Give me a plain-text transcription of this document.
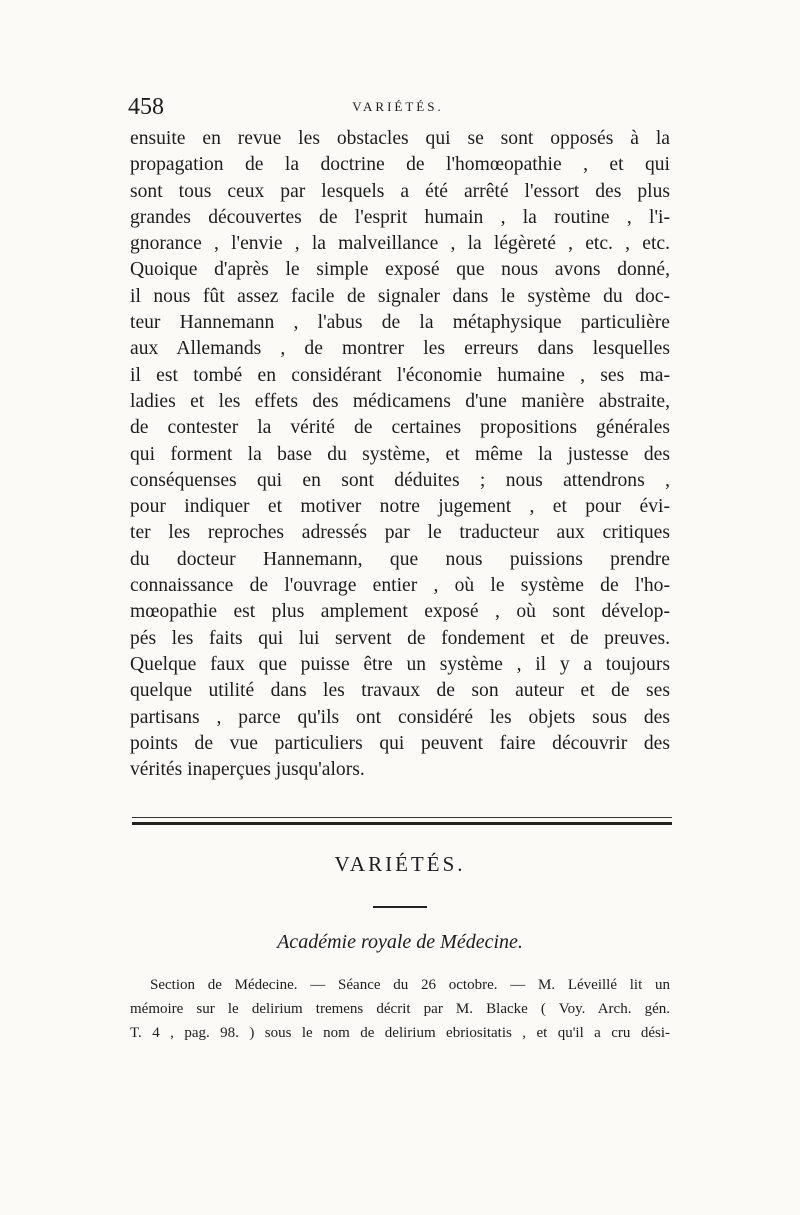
458	VARIÉTÉS.
ensuite en revue les obstacles qui se sont opposés à la
propagation de la doctrine de l'homœopathie , et qui
sont tous ceux par lesquels a été arrêté l'essort des plus
grandes découvertes de l'esprit humain , la routine , l'i-
gnorance , l'envie , la malveillance , la légèreté , etc. , etc.
Quoique d'après le simple exposé que nous avons donné,
il nous fût assez facile de signaler dans le système du doc-
teur Hannemann , l'abus de la métaphysique particulière
aux Allemands , de montrer les erreurs dans lesquelles
il est tombé en considérant l'économie humaine , ses ma-
ladies et les effets des médicamens d'une manière abstraite,
de contester la vérité de certaines propositions générales
qui forment la base du système, et même la justesse des
conséquenses qui en sont déduites ; nous attendrons ,
pour indiquer et motiver notre jugement , et pour évi-
ter les reproches adressés par le traducteur aux critiques
du docteur Hannemann, que nous puissions prendre
connaissance de l'ouvrage entier , où le système de l'ho-
mœopathie est plus amplement exposé , où sont dévelop-
pés les faits qui lui servent de fondement et de preuves.
Quelque faux que puisse être un système , il y a toujours
quelque utilité dans les travaux de son auteur et de ses
partisans , parce qu'ils ont considéré les objets sous des
points de vue particuliers qui peuvent faire découvrir des
vérités inaperçues jusqu'alors.
VARIÉTÉS.
Académie royale de Médecine.
Section de Médecine. — Séance du 26 octobre. — M. Léveillé lit un
mémoire sur le delirium tremens décrit par M. Blacke ( Voy. Arch. gén.
T. 4 , pag. 98. ) sous le nom de delirium ebriositatis , et qu'il a cru dési-
